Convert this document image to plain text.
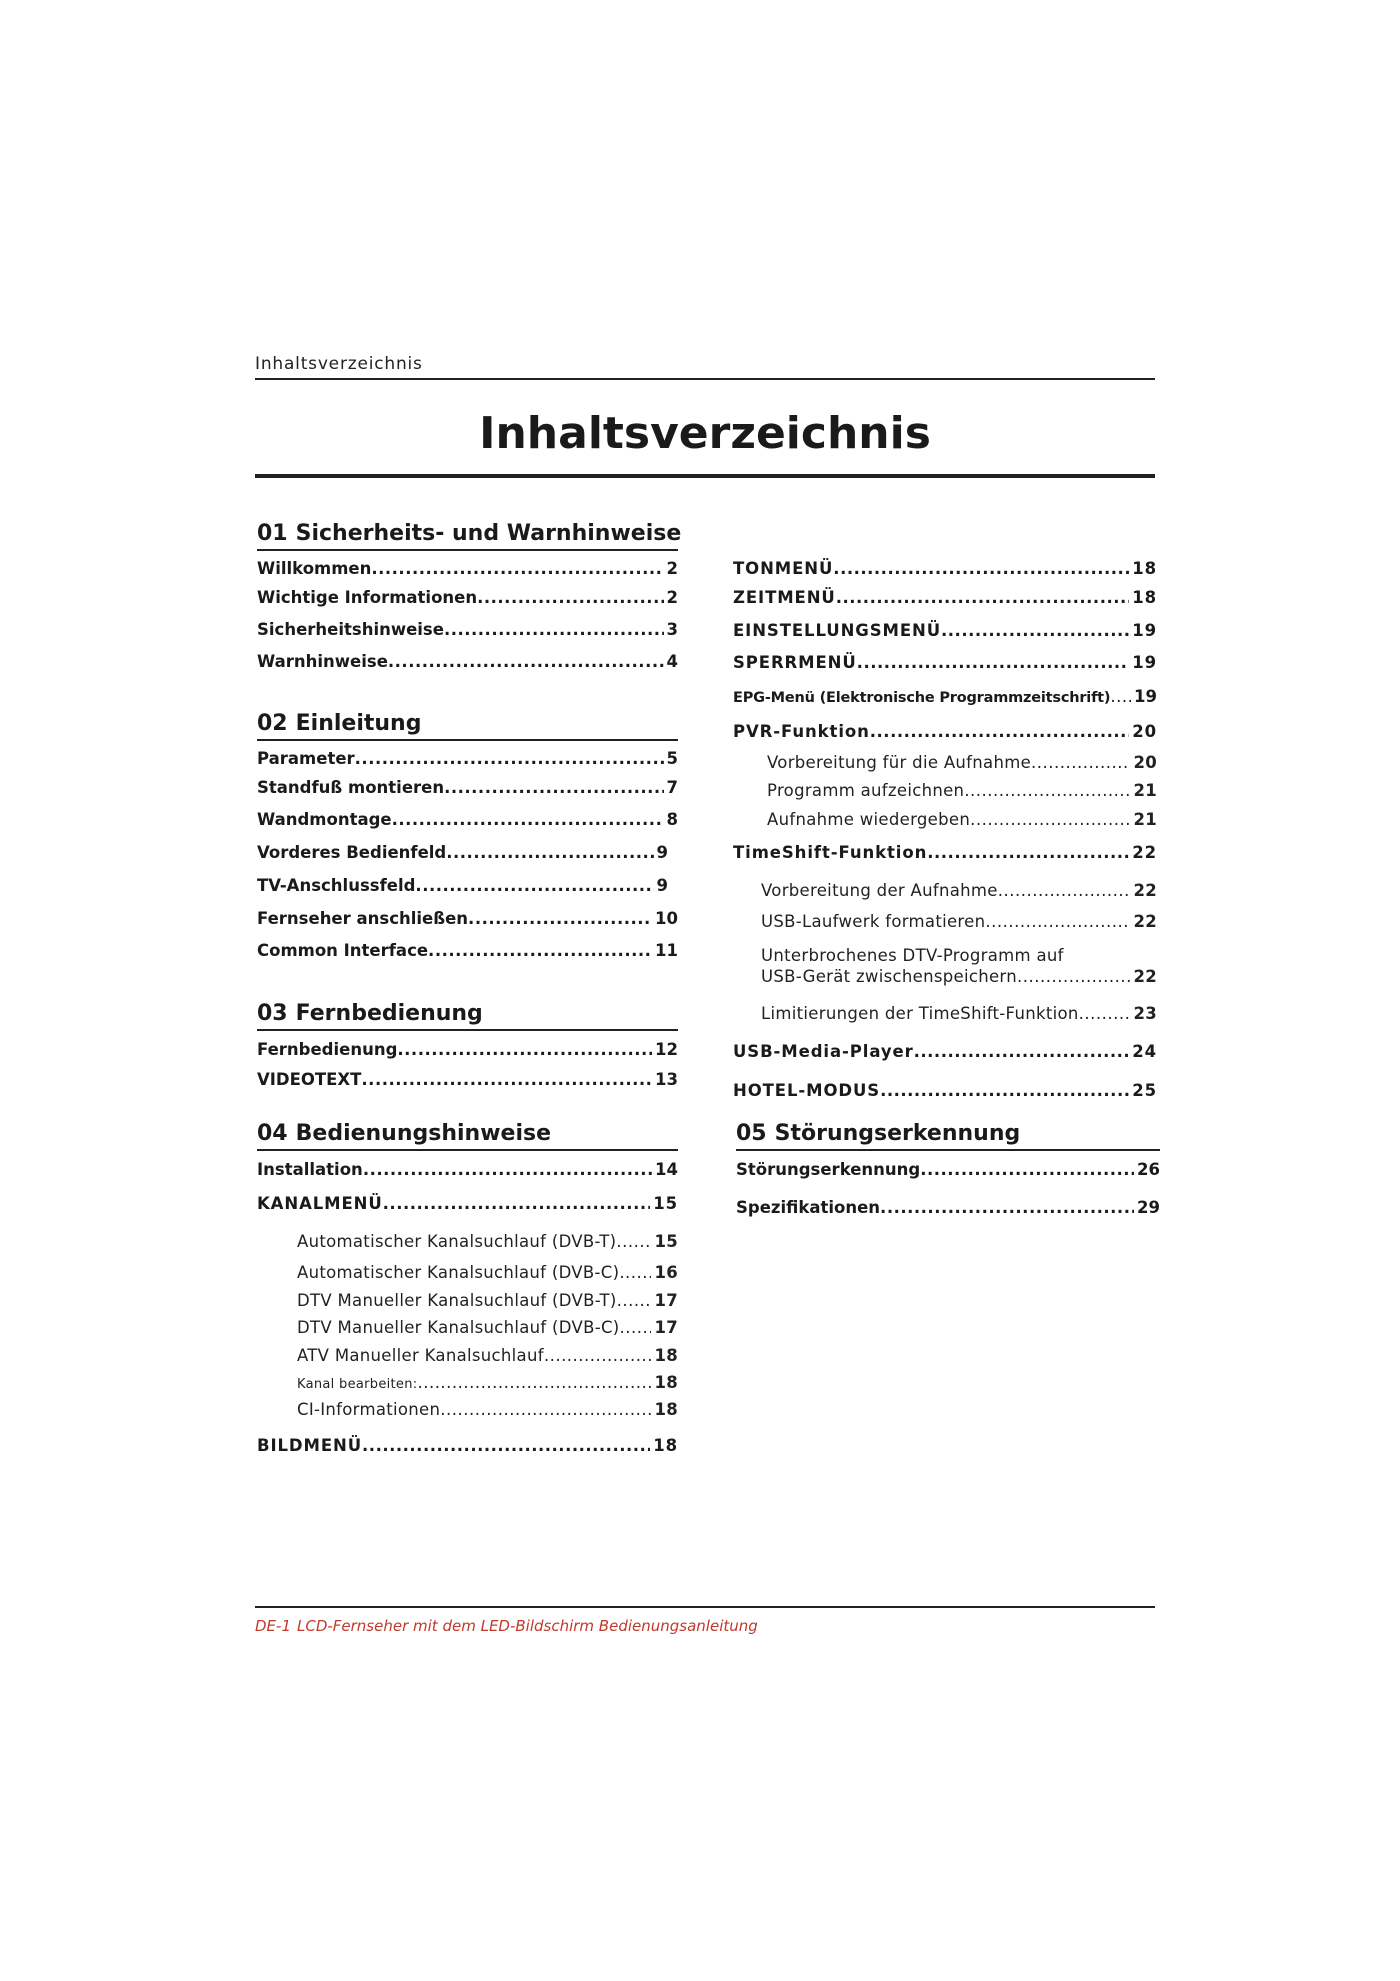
Inhaltsverzeichnis
Inhaltsverzeichnis
01 Sicherheits- und Warnhinweise
Willkommen .....	2
Wichtige Informationen .....	2
Sicherheitshinweise .....	3
Warnhinweise .....	4
02 Einleitung
Parameter .....	5
Standfuß montieren .....	7
Wandmontage .....	8
Vorderes Bedienfeld .....	9
TV-Anschlussfeld .....	9
Fernseher anschließen .....	10
Common Interface .....	11
03 Fernbedienung
Fernbedienung .....	12
VIDEOTEXT .....	13
04 Bedienungshinweise
Installation .....	14
KANALMENÜ .....	15
Automatischer Kanalsuchlauf (DVB-T) ..... 15
Automatischer Kanalsuchlauf (DVB-C) ..... 16
DTV Manueller Kanalsuchlauf (DVB-T) ..... 17
DTV Manueller Kanalsuchlauf (DVB-C) ..... 17
ATV Manueller Kanalsuchlauf .....	18
Kanal bearbeiten: .....	18
CI-Informationen .....	18
BILDMENÜ .....	18
TONMENÜ .....	18
ZEITMENÜ .....	18
EINSTELLUNGSMENÜ .....	19
SPERRMENÜ .....	19
EPG-Menü (Elektronische Programmzeitschrift) ..... 19
PVR-Funktion .....	20
Vorbereitung für die Aufnahme .....	20
Programm aufzeichnen .....	21
Aufnahme wiedergeben .....	21
TimeShift-Funktion .....	22
Vorbereitung der Aufnahme .....	22
USB-Laufwerk formatieren .....	22
Unterbrochenes DTV-Programm auf
USB-Gerät zwischenspeichern .....	22
Limitierungen der TimeShift-Funktion .....	23
USB-Media-Player .....	24
HOTEL-MODUS .....	25
05 Störungserkennung
Störungserkennung .....	26
Spezifikationen .....	29
DE-1 LCD-Fernseher mit dem LED-Bildschirm Bedienungsanleitung
